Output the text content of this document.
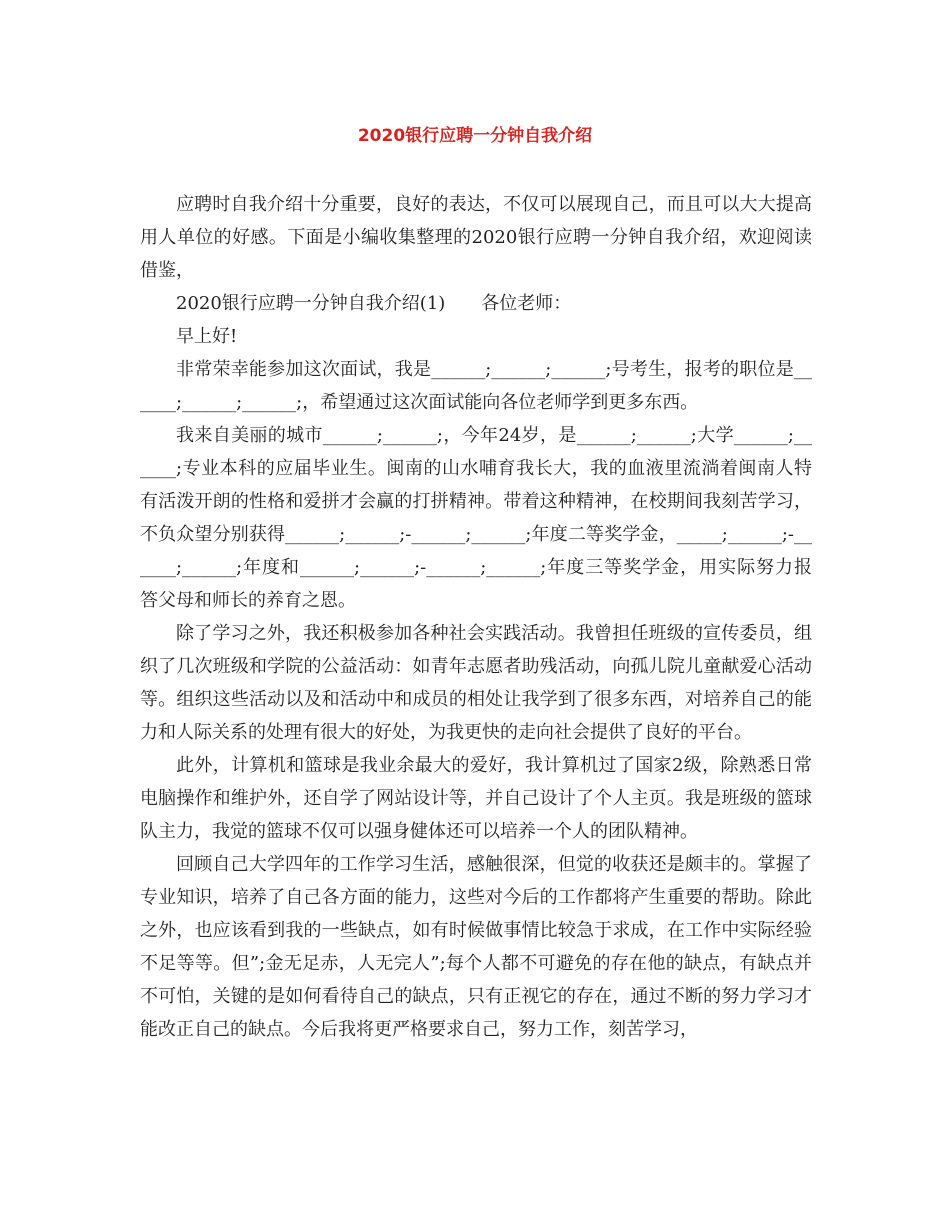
2020银行应聘一分钟自我介绍

应聘时自我介绍十分重要，良好的表达，不仅可以展现自己，而且可以大大提高用人单位的好感。下面是小编收集整理的2020银行应聘一分钟自我介绍，欢迎阅读借鉴，

2020银行应聘一分钟自我介绍(1)　　各位老师：

早上好!

非常荣幸能参加这次面试，我是______;______;______;号考生，报考的职位是______;______;______;，希望通过这次面试能向各位老师学到更多东西。

我来自美丽的城市______;______;，今年24岁，是______;______;大学______;______;专业本科的应届毕业生。闽南的山水哺育我长大，我的血液里流淌着闽南人特有活泼开朗的性格和爱拼才会赢的打拼精神。带着这种精神，在校期间我刻苦学习，不负众望分别获得______;______;-______;______;年度二等奖学金，_____;______;-______;______;年度和______;______;-______;______;年度三等奖学金，用实际努力报答父母和师长的养育之恩。

除了学习之外，我还积极参加各种社会实践活动。我曾担任班级的宣传委员，组织了几次班级和学院的公益活动：如青年志愿者助残活动，向孤儿院儿童献爱心活动等。组织这些活动以及和活动中和成员的相处让我学到了很多东西，对培养自己的能力和人际关系的处理有很大的好处，为我更快的走向社会提供了良好的平台。

此外，计算机和篮球是我业余最大的爱好，我计算机过了国家2级，除熟悉日常电脑操作和维护外，还自学了网站设计等，并自己设计了个人主页。我是班级的篮球队主力，我觉的篮球不仅可以强身健体还可以培养一个人的团队精神。

回顾自己大学四年的工作学习生活，感触很深，但觉的收获还是颇丰的。掌握了专业知识，培养了自己各方面的能力，这些对今后的工作都将产生重要的帮助。除此之外，也应该看到我的一些缺点，如有时候做事情比较急于求成，在工作中实际经验不足等等。但”;金无足赤，人无完人”;每个人都不可避免的存在他的缺点，有缺点并不可怕，关键的是如何看待自己的缺点，只有正视它的存在，通过不断的努力学习才能改正自己的缺点。今后我将更严格要求自己，努力工作，刻苦学习，
